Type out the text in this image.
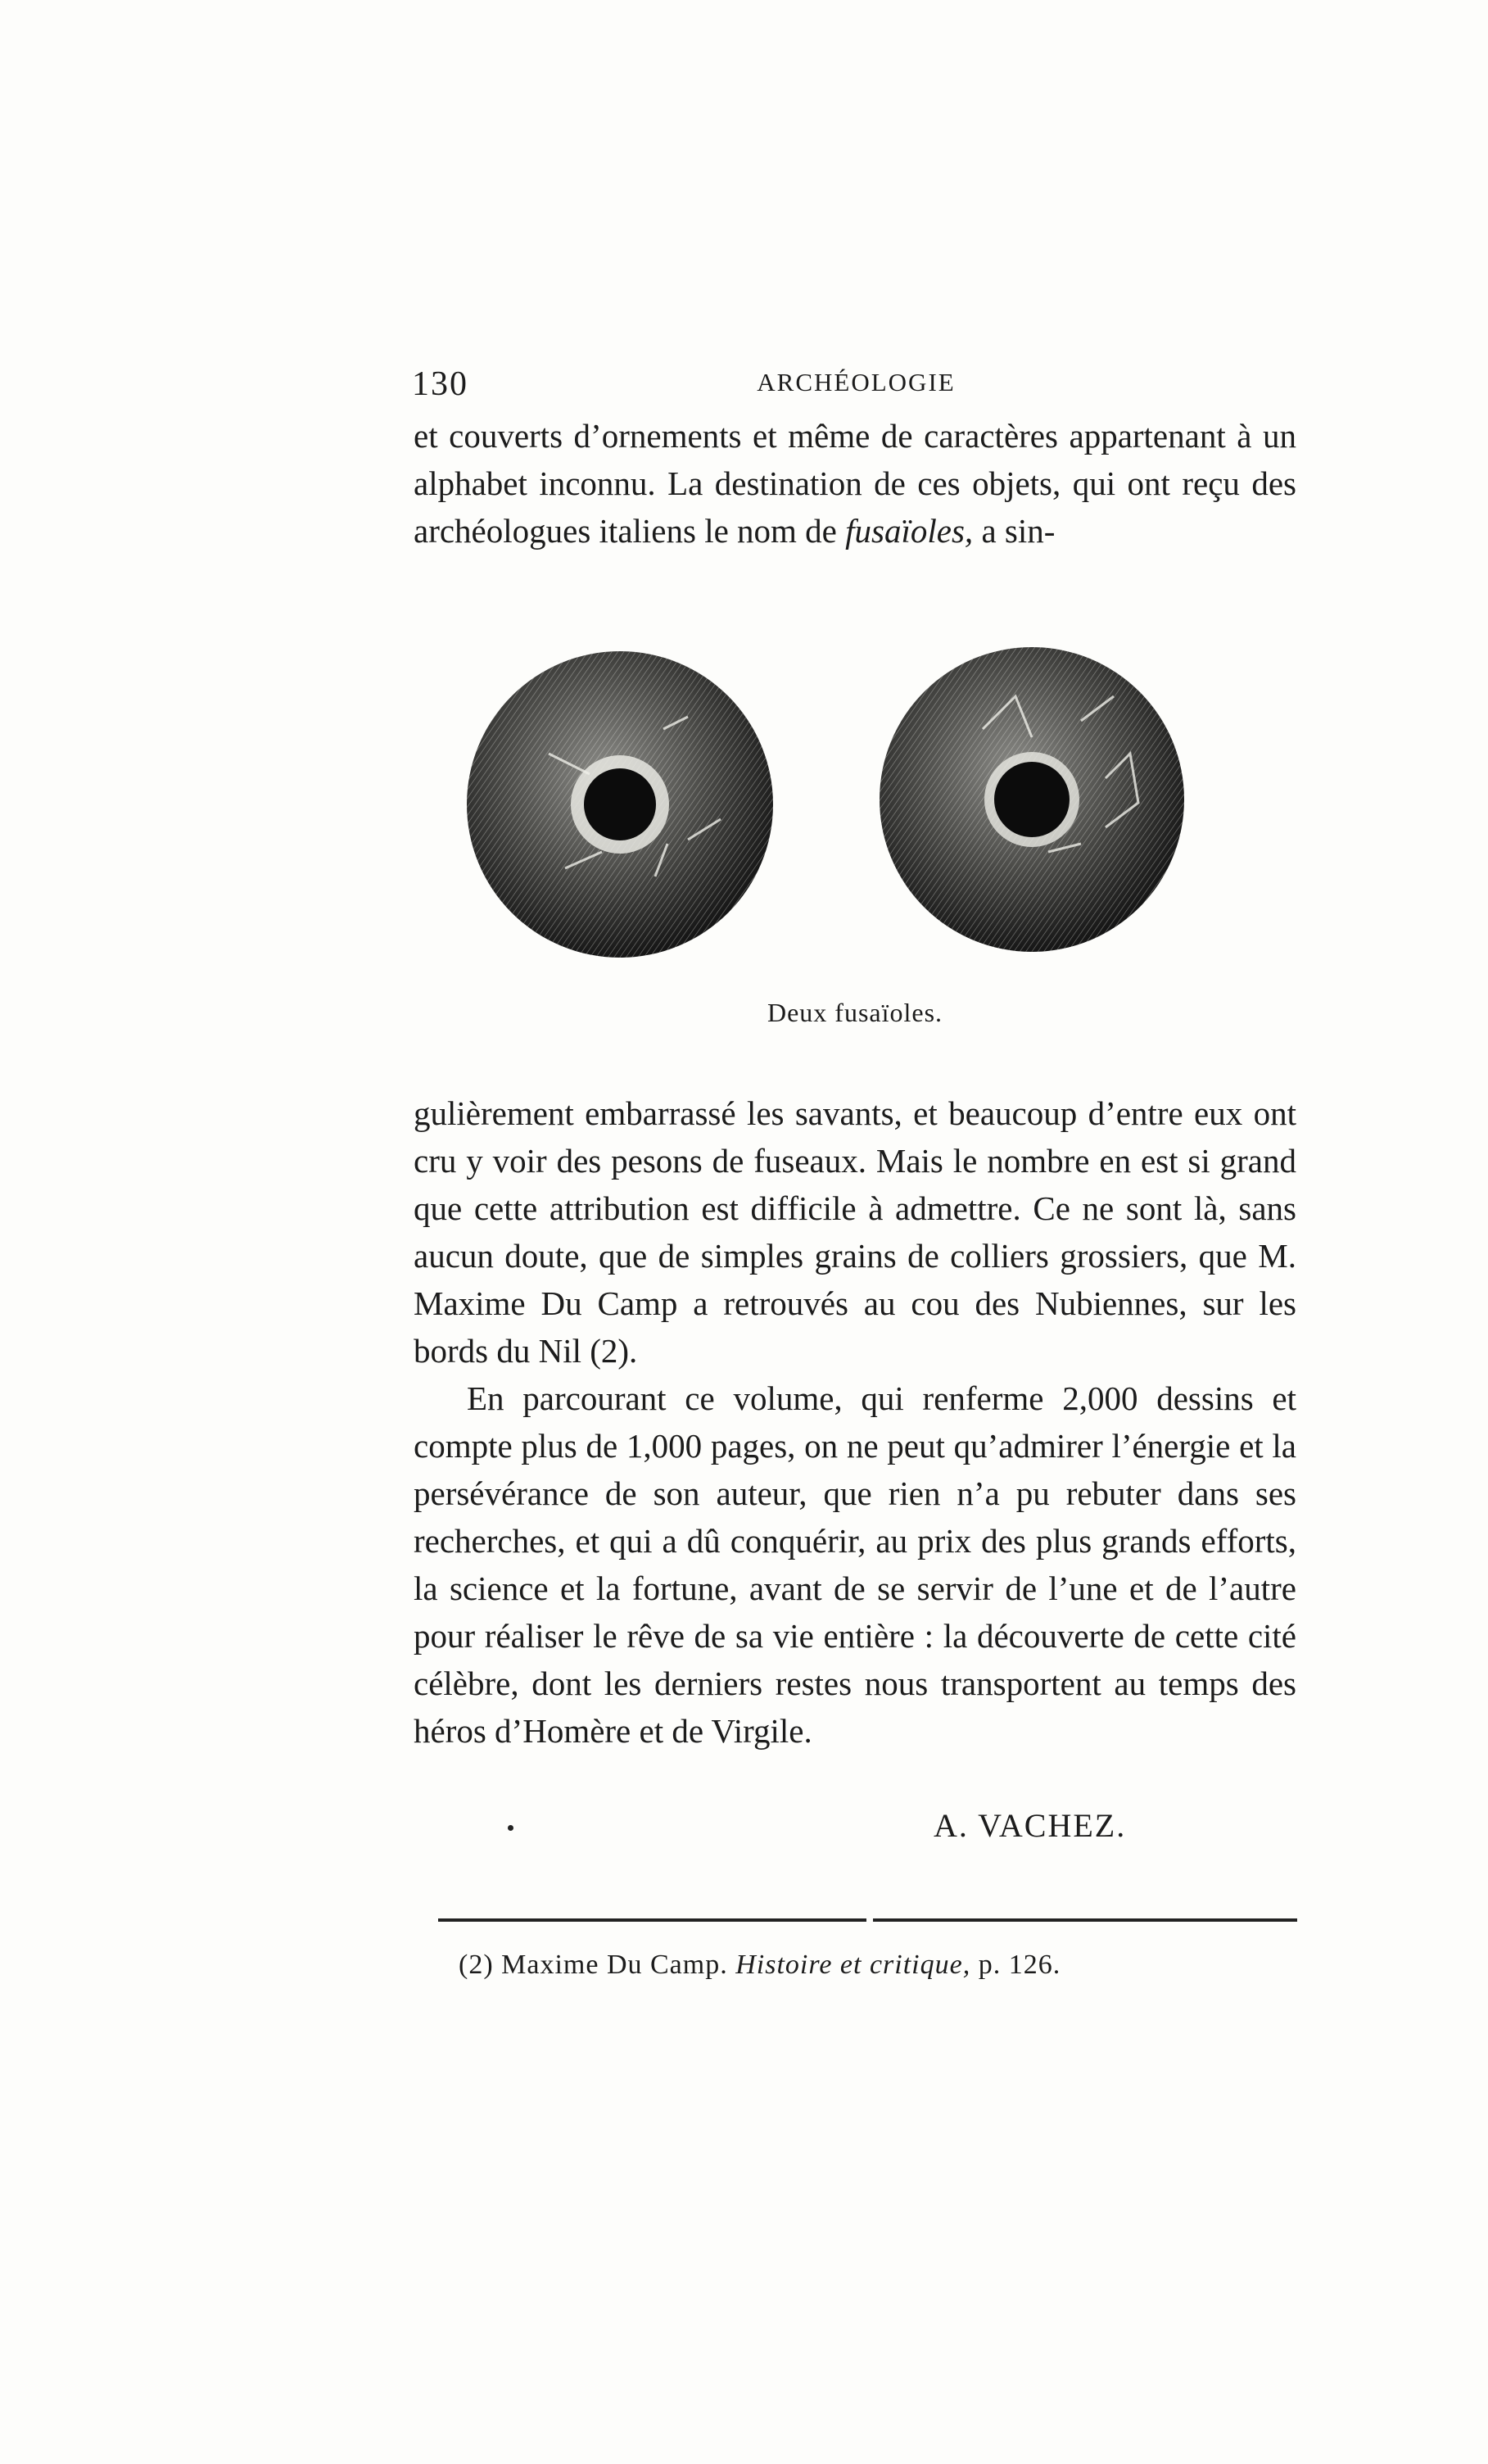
130	ARCHÉOLOGIE

et couverts d’ornements et même de caractères appartenant à un alphabet inconnu. La destination de ces objets, qui ont reçu des archéologues italiens le nom de fusaïoles, a sin-

Deux fusaïoles.

gulièrement embarrassé les savants, et beaucoup d’entre eux ont cru y voir des pesons de fuseaux. Mais le nombre en est si grand que cette attribution est difficile à admettre. Ce ne sont là, sans aucun doute, que de simples grains de colliers grossiers, que M. Maxime Du Camp a retrouvés au cou des Nubiennes, sur les bords du Nil (2).

En parcourant ce volume, qui renferme 2,000 dessins et compte plus de 1,000 pages, on ne peut qu’admirer l’énergie et la persévérance de son auteur, que rien n’a pu rebuter dans ses recherches, et qui a dû conquérir, au prix des plus grands efforts, la science et la fortune, avant de se servir de l’une et de l’autre pour réaliser le rêve de sa vie entière : la découverte de cette cité célèbre, dont les derniers restes nous transportent au temps des héros d’Homère et de Virgile.

A. VACHEZ.
(2) Maxime Du Camp. Histoire et critique, p. 126.
